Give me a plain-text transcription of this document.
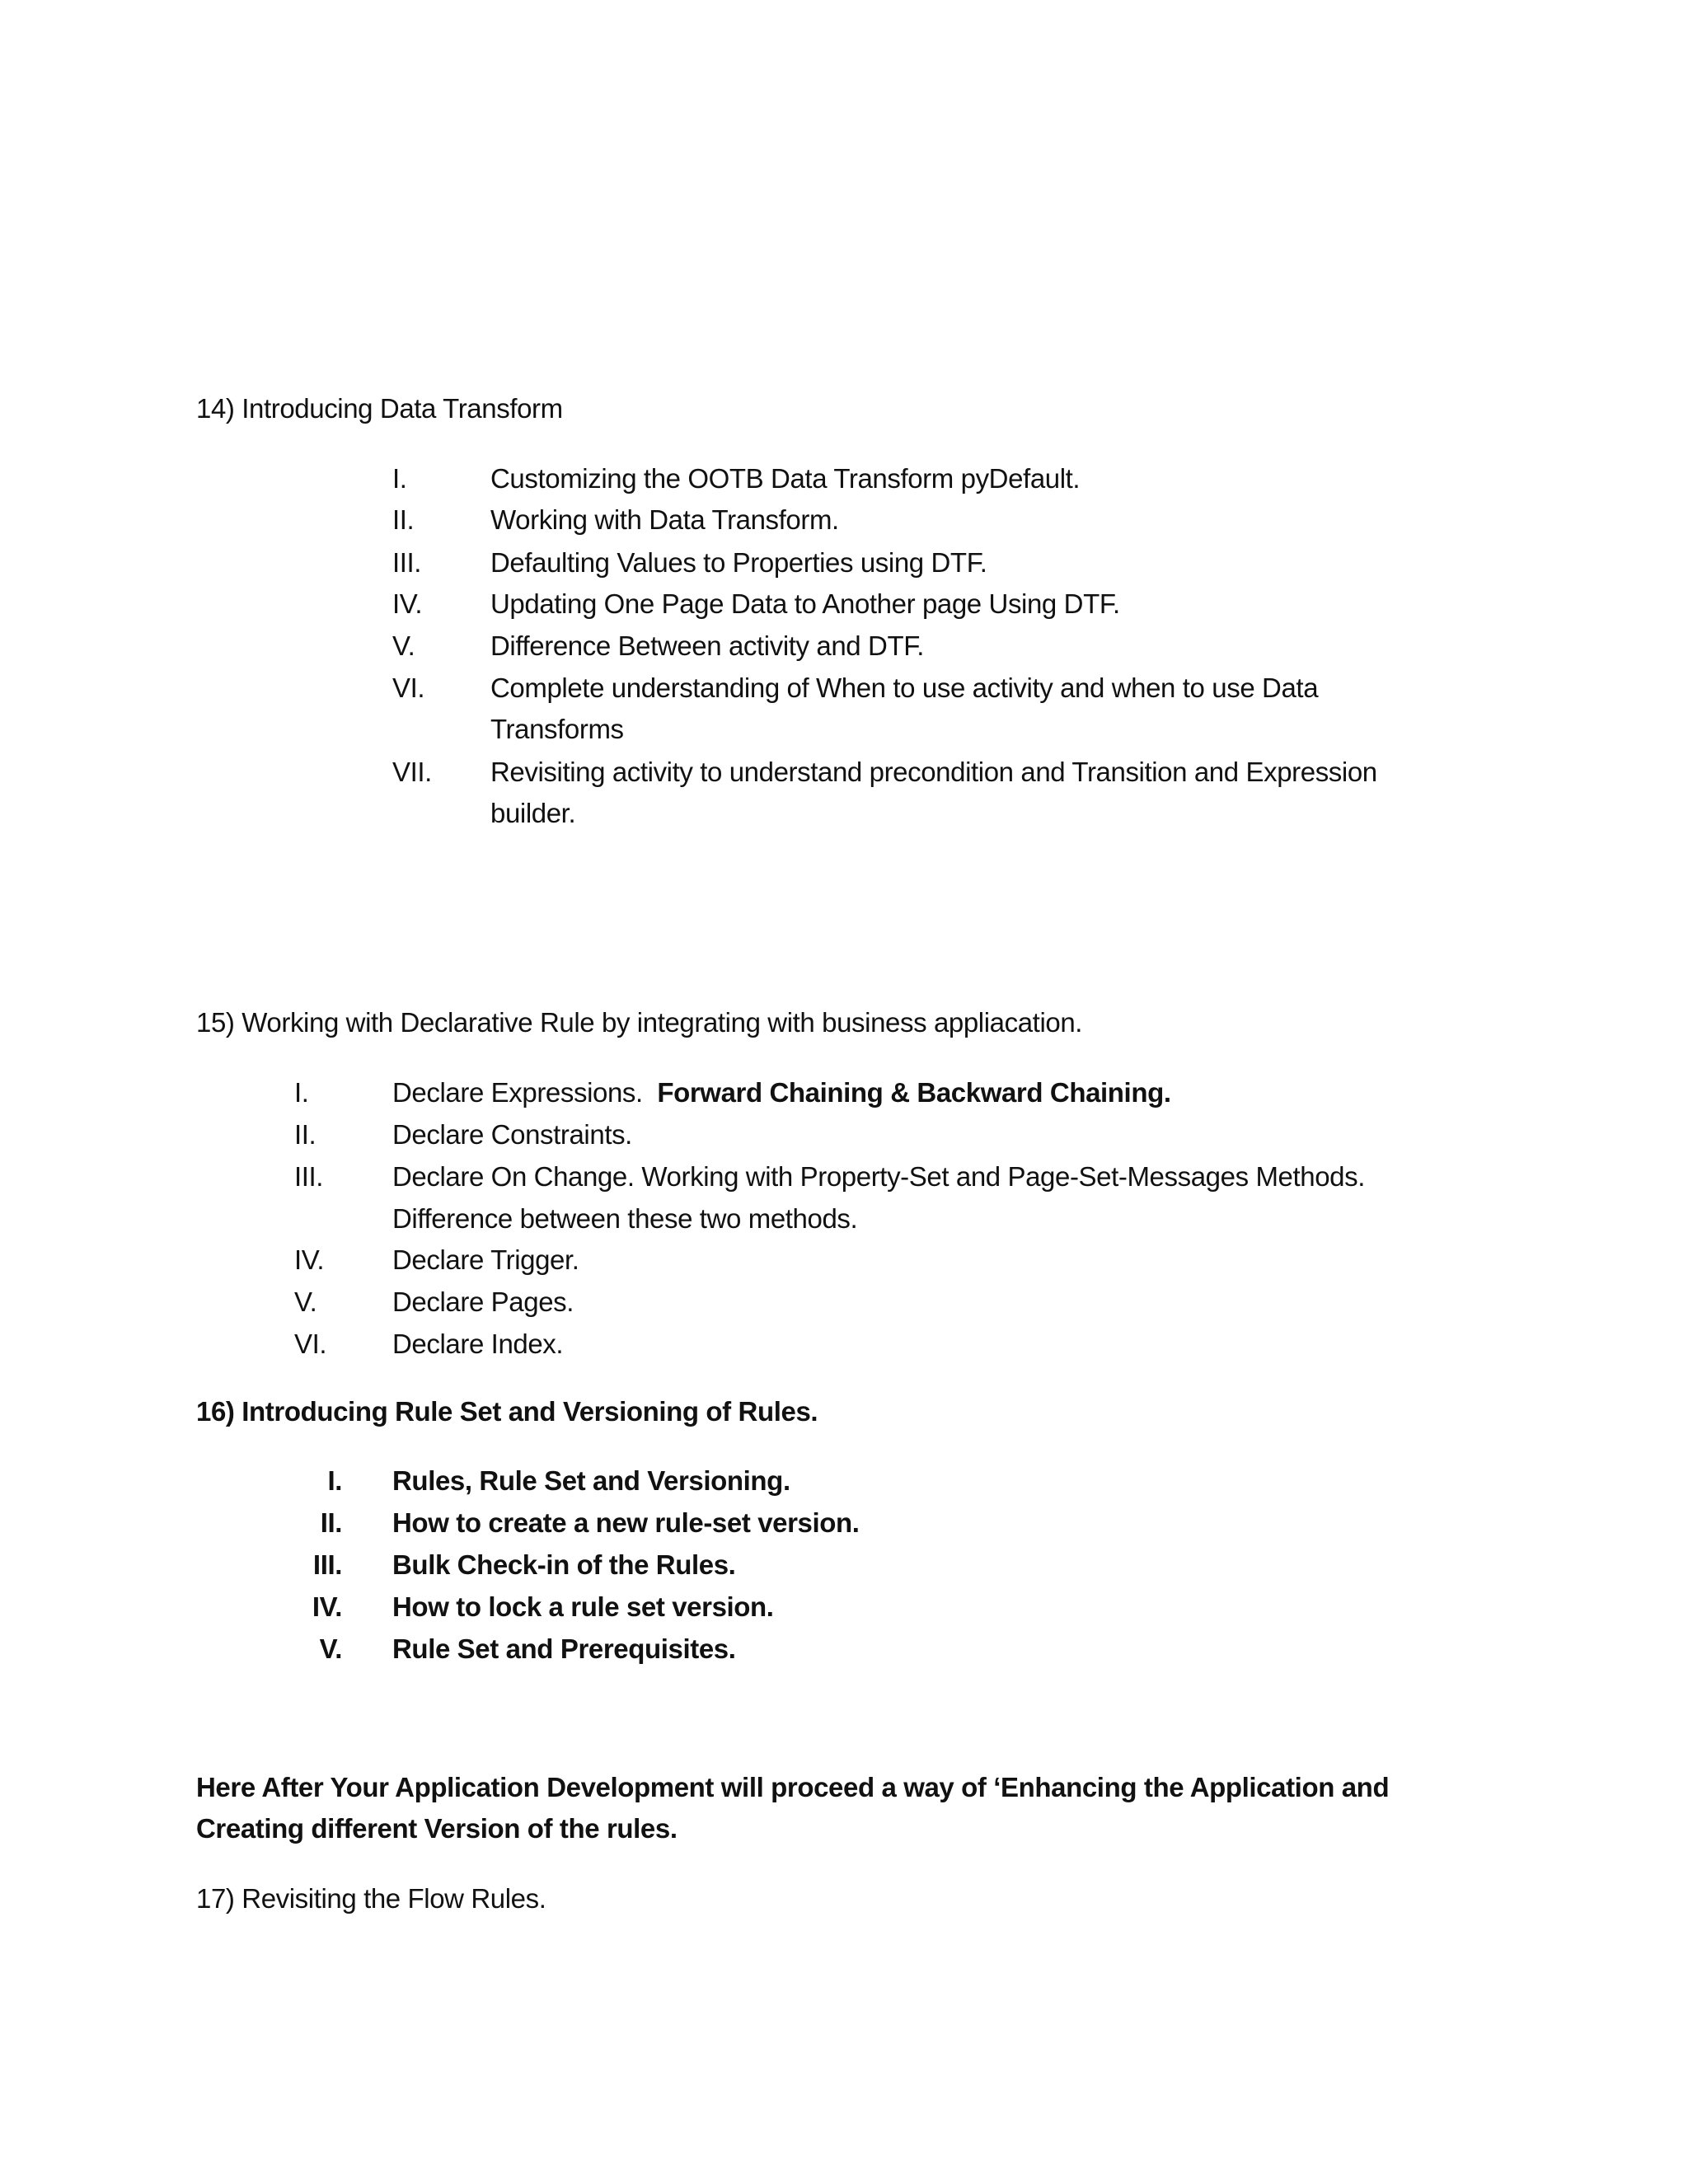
14) Introducing Data Transform
I.	Customizing the OOTB Data Transform pyDefault.
II.	Working with Data Transform.
III.	Defaulting Values to Properties using DTF.
IV.	Updating One Page Data to Another page Using DTF.
V.	Difference Between activity and DTF.
VI. Complete understanding of When to use activity and when to use Data
Transforms
VII. Revisiting activity to understand precondition and Transition and Expression
builder.
15) Working with Declarative Rule by integrating with business appliacation.
I.	Declare Expressions.  Forward Chaining & Backward Chaining.
II.	Declare Constraints.
III.	Declare On Change. Working with Property-Set and Page-Set-Messages Methods.
Difference between these two methods.
IV.	Declare Trigger.
V.	Declare Pages.
VI. Declare Index.
16) Introducing Rule Set and Versioning of Rules.
I. Rules, Rule Set and Versioning.
II. How to create a new rule-set version.
III. Bulk Check-in of the Rules.
IV. How to lock a rule set version.
V. Rule Set and Prerequisites.
Here After Your Application Development will proceed a way of ‘Enhancing the Application and
Creating different Version of the rules.
17) Revisiting the Flow Rules.
